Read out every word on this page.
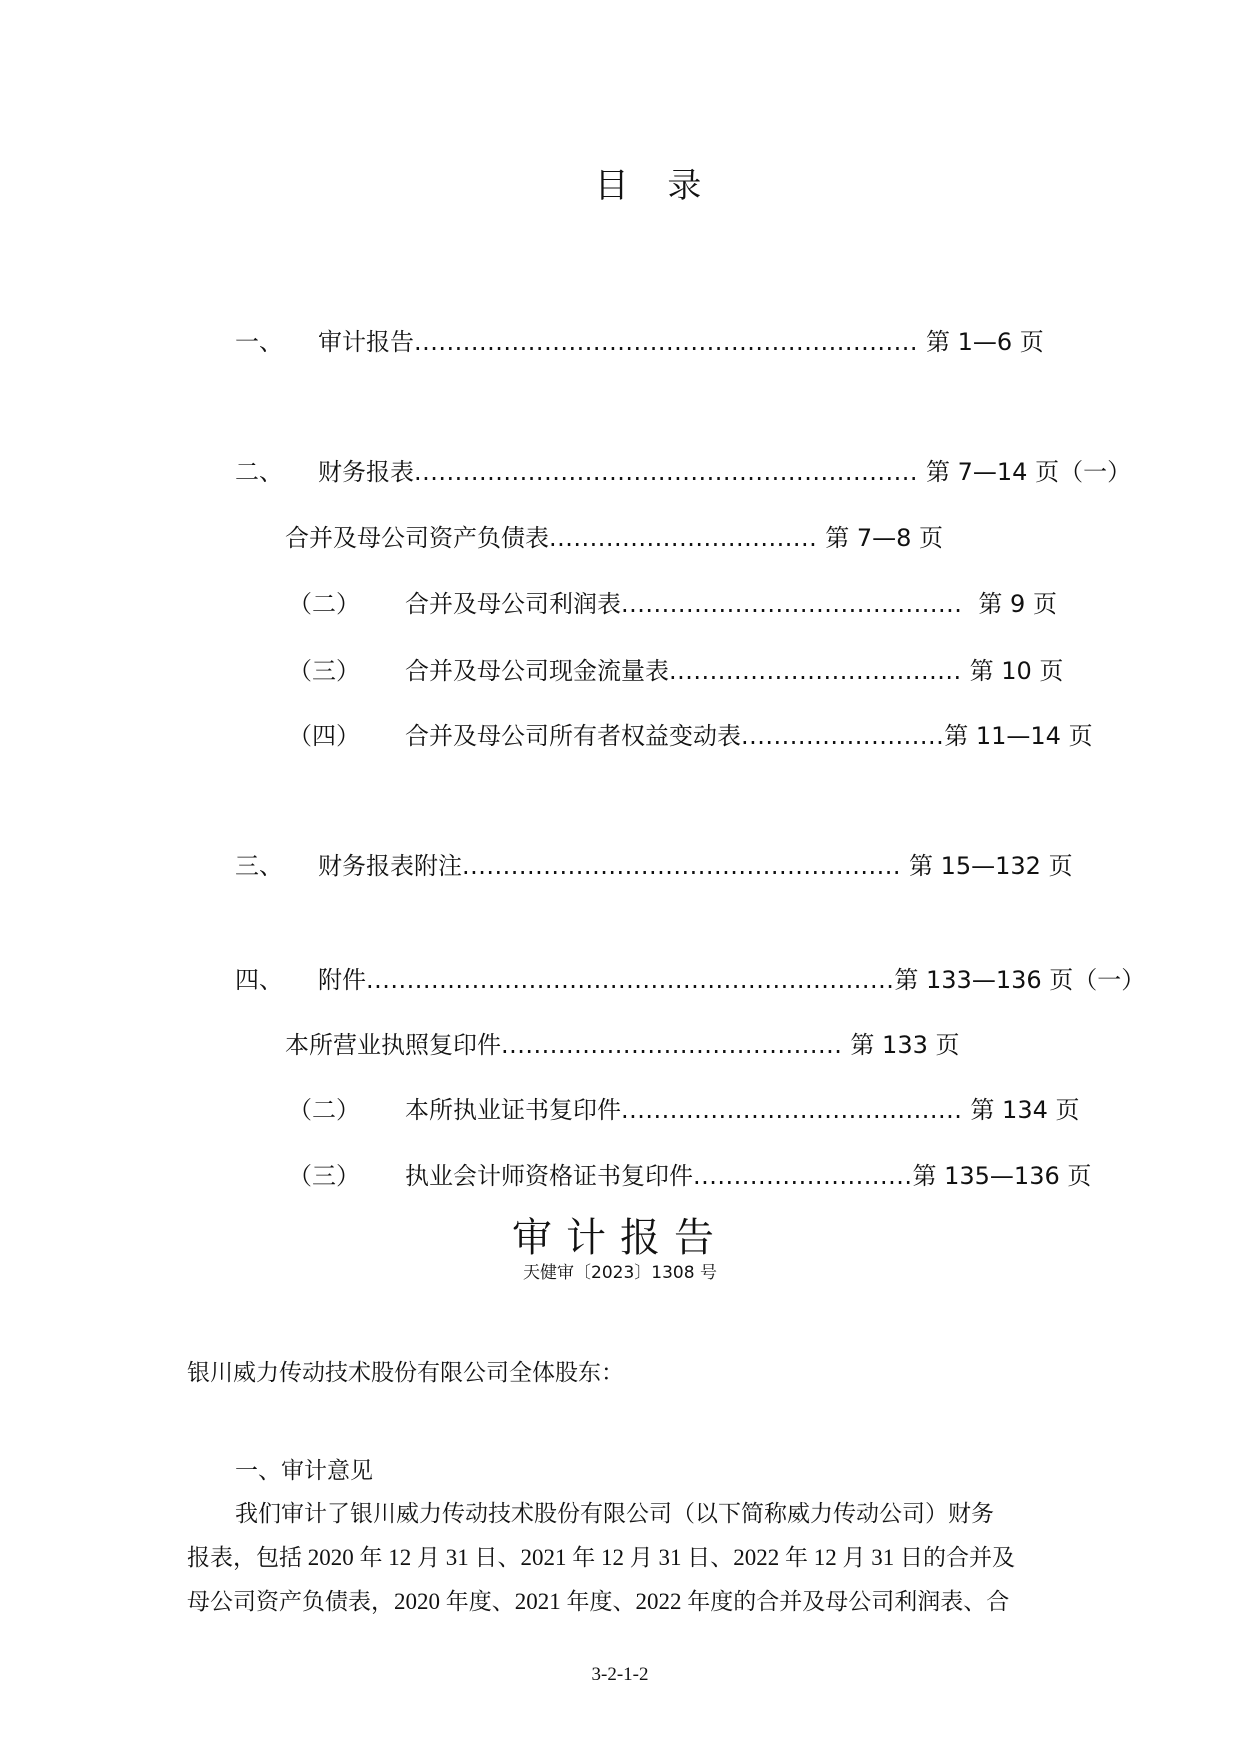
目 录
一、	审计报告 .............................................................. 第 1—6 页
二、	财务报表 .............................................................. 第 7—14 页（一）
合并及母公司资产负债表 ................................. 第 7—8 页
（二）	合并及母公司利润表 .......................................... 第 9 页
（三）	合并及母公司现金流量表 .................................... 第 10 页
（四）	合并及母公司所有者权益变动表 ......................... 第 11—14 页
三、	财务报表附注 ...................................................... 第 15—132 页
四、	附件 ................................................................. 第 133—136 页（一）
本所营业执照复印件 .......................................... 第 133 页
（二）	本所执业证书复印件 .......................................... 第 134 页
（三）	执业会计师资格证书复印件 ........................... 第 135—136 页
审计报告
天健审〔2023〕1308 号
银川威力传动技术股份有限公司全体股东：
一、审计意见
我们审计了银川威力传动技术股份有限公司（以下简称威力传动公司）财务
报表，包括 2020 年 12 月 31 日、2021 年 12 月 31 日、2022 年 12 月 31 日的合并及
母公司资产负债表，2020 年度、2021 年度、2022 年度的合并及母公司利润表、合
3-2-1-2
